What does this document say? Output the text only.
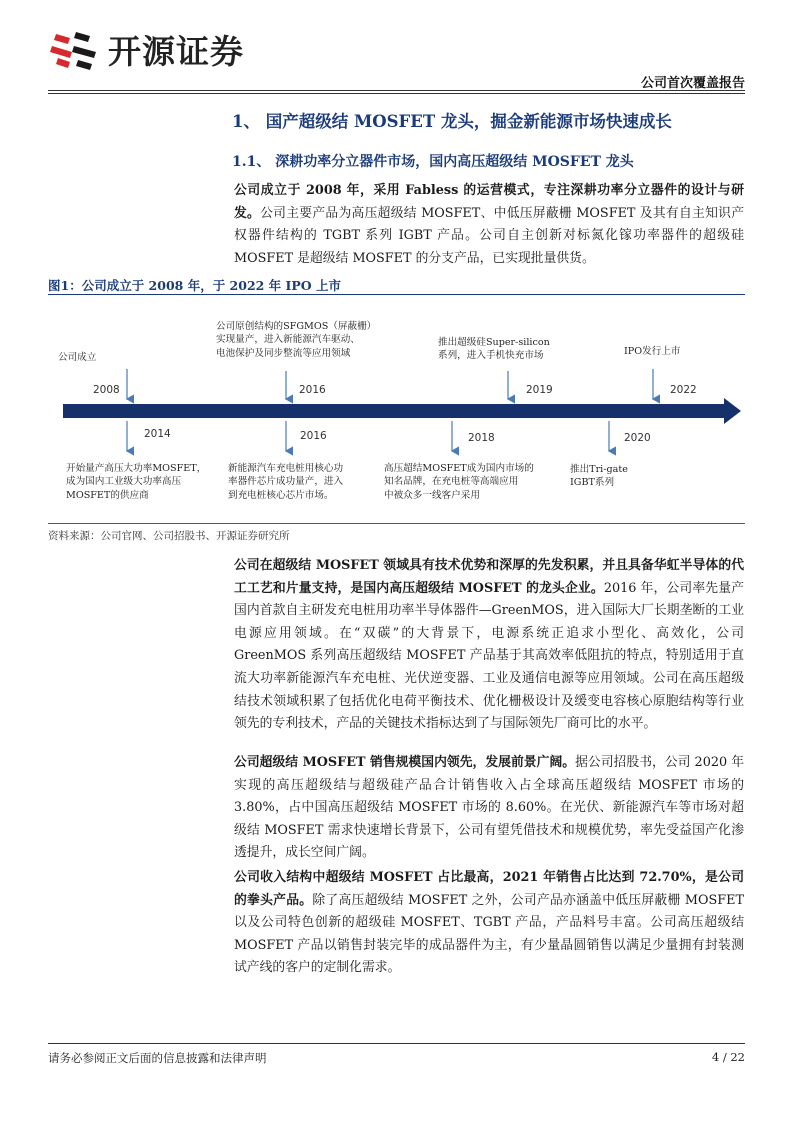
开源证券
公司首次覆盖报告
1、 国产超级结 MOSFET 龙头，掘金新能源市场快速成长
1.1、 深耕功率分立器件市场，国内高压超级结 MOSFET 龙头
公司成立于 2008 年，采用 Fabless 的运营模式，专注深耕功率分立器件的设计与研发。公司主要产品为高压超级结 MOSFET、中低压屏蔽栅 MOSFET 及其有自主知识产权器件结构的 TGBT 系列 IGBT 产品。公司自主创新对标氮化镓功率器件的超级硅 MOSFET 是超级结 MOSFET 的分支产品，已实现批量供货。
图1：公司成立于 2008 年，于 2022 年 IPO 上市
公司成立
2008
公司原创结构的SFGMOS（屏蔽栅）
实现量产，进入新能源汽车驱动、
电池保护及同步整流等应用领域
2016
推出超级硅Super-silicon
系列，进入手机快充市场
2019
IPO发行上市
2022
2014
开始量产高压大功率MOSFET，
成为国内工业级大功率高压
MOSFET的供应商
2016
新能源汽车充电桩用核心功
率器件芯片成功量产，进入
到充电桩核心芯片市场。
2018
高压超结MOSFET成为国内市场的
知名品牌，在充电桩等高端应用
中被众多一线客户采用
2020
推出Tri-gate
IGBT系列
资料来源：公司官网、公司招股书、开源证券研究所
公司在超级结 MOSFET 领域具有技术优势和深厚的先发积累，并且具备华虹半导体的代工工艺和片量支持，是国内高压超级结 MOSFET 的龙头企业。2016 年，公司率先量产国内首款自主研发充电桩用功率半导体器件—GreenMOS，进入国际大厂长期垄断的工业电源应用领域。在“双碳”的大背景下，电源系统正追求小型化、高效化，公司 GreenMOS 系列高压超级结 MOSFET 产品基于其高效率低阻抗的特点，特别适用于直流大功率新能源汽车充电桩、光伏逆变器、工业及通信电源等应用领域。公司在高压超级结技术领域积累了包括优化电荷平衡技术、优化栅极设计及缓变电容核心原胞结构等行业领先的专利技术，产品的关键技术指标达到了与国际领先厂商可比的水平。
公司超级结 MOSFET 销售规模国内领先，发展前景广阔。据公司招股书，公司 2020 年实现的高压超级结与超级硅产品合计销售收入占全球高压超级结 MOSFET 市场的 3.80%，占中国高压超级结 MOSFET 市场的 8.60%。在光伏、新能源汽车等市场对超级结 MOSFET 需求快速增长背景下，公司有望凭借技术和规模优势，率先受益国产化渗透提升，成长空间广阔。
公司收入结构中超级结 MOSFET 占比最高，2021 年销售占比达到 72.70%，是公司的拳头产品。除了高压超级结 MOSFET 之外，公司产品亦涵盖中低压屏蔽栅 MOSFET 以及公司特色创新的超级硅 MOSFET、TGBT 产品，产品料号丰富。公司高压超级结 MOSFET 产品以销售封装完毕的成品器件为主，有少量晶圆销售以满足少量拥有封装测试产线的客户的定制化需求。
请务必参阅正文后面的信息披露和法律声明	4 / 22
